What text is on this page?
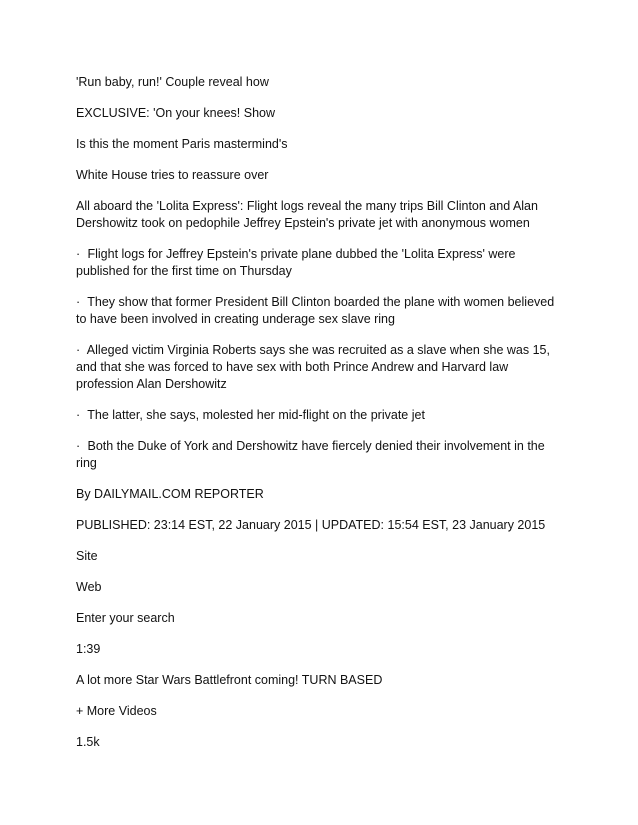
'Run baby, run!' Couple reveal how

EXCLUSIVE: 'On your knees! Show

Is this the moment Paris mastermind's

White House tries to reassure over

All aboard the 'Lolita Express': Flight logs reveal the many trips Bill Clinton and Alan Dershowitz took on pedophile Jeffrey Epstein's private jet with anonymous women

· Flight logs for Jeffrey Epstein's private plane dubbed the 'Lolita Express' were published for the first time on Thursday

· They show that former President Bill Clinton boarded the plane with women believed to have been involved in creating underage sex slave ring

· Alleged victim Virginia Roberts says she was recruited as a slave when she was 15, and that she was forced to have sex with both Prince Andrew and Harvard law profession Alan Dershowitz

· The latter, she says, molested her mid-flight on the private jet

· Both the Duke of York and Dershowitz have fiercely denied their involvement in the ring

By DAILYMAIL.COM REPORTER

PUBLISHED: 23:14 EST, 22 January 2015 | UPDATED: 15:54 EST, 23 January 2015

Site

Web

Enter your search

1:39

A lot more Star Wars Battlefront coming! TURN BASED

+ More Videos

1.5k
